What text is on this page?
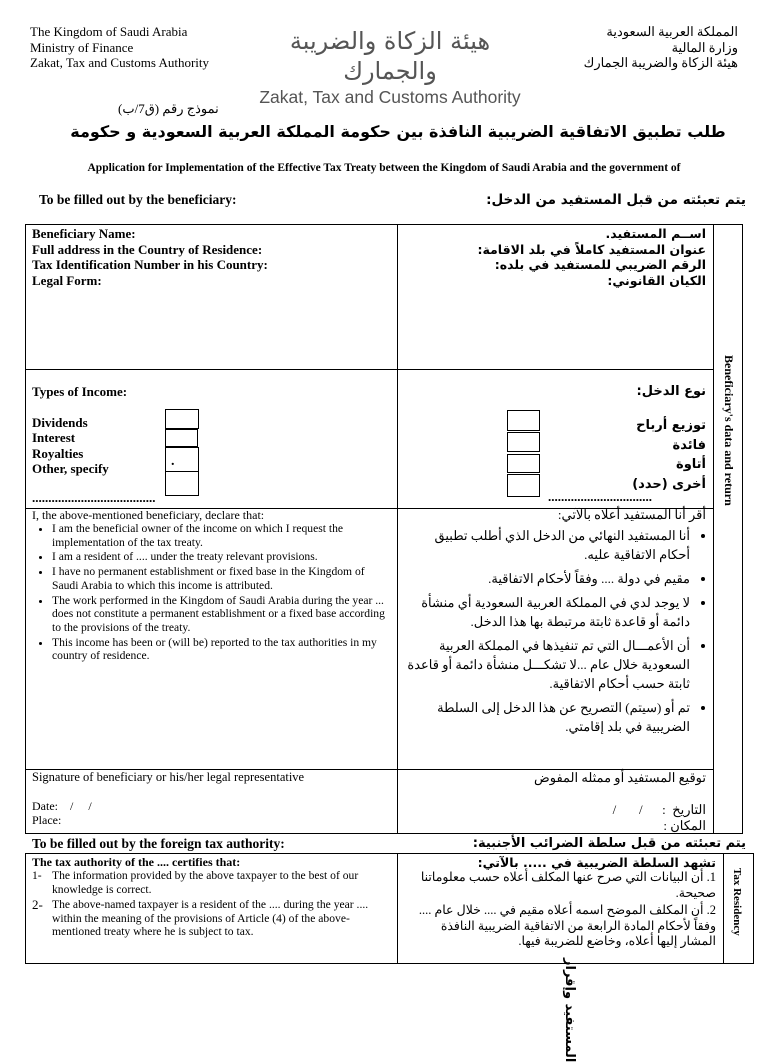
The Kingdom of Saudi Arabia
Ministry of Finance
Zakat, Tax and Customs Authority
هيئة الزكاة والضريبة والجمارك
Zakat, Tax and Customs Authority
المملكة العربية السعودية
وزارة المالية
هيئة الزكاة والضريبة الجمارك
نموذج رقم (ق7/ب)
طلب تطبيق الاتفاقية الضريبية النافذة بين حكومة المملكة العربية السعودية و حكومة
Application for Implementation of the Effective Tax Treaty between the Kingdom of Saudi Arabia and the government of
To be filled out by the beneficiary:	يتم تعبئته من قبل المستفيد من الدخل:
Beneficiary Name:
Full address in the Country of Residence:
Tax Identification Number in his Country:
Legal Form:
اســم المستفيد.
عنوان المستفيد كاملاً في بلد الاقامة:
الرقم الضريبي للمستفيد في بلده:
الكيان القانوني:
Types of Income:
Dividends
Interest
Royalties
Other, specify
......................................
.
نوع الدخل:
توزيع أرباح
فائدة
أتاوة
أخرى (حدد)
................................
I, the above-mentioned beneficiary, declare that:
• I am the beneficial owner of the income on which I request the implementation of the tax treaty.
• I am a resident of .... under the treaty relevant provisions.
• I have no permanent establishment or fixed base in the Kingdom of Saudi Arabia to which this income is attributed.
• The work performed in the Kingdom of Saudi Arabia during the year ... does not constitute a permanent establishment or a fixed base according to the provisions of the treaty.
• This income has been or (will be) reported to the tax authorities in my country of residence.
أقر أنا المستفيد أعلاه بالآتي:
• أنا المستفيد النهائي من الدخل الذي أطلب تطبيق أحكام الاتفاقية عليه.
• مقيم في دولة .... وفقاً لأحكام الاتفاقية.
• لا يوجد لدي في المملكة العربية السعودية أي منشأة دائمة أو قاعدة ثابتة مرتبطة بها هذا الدخل.
• أن الأعمـــال التي تم تنفيذها في المملكة العربية السعودية خلال عام ...لا تشكـــل منشأة دائمة أو قاعدة ثابتة حسب أحكام الاتفاقية.
• تم أو (سيتم) التصريح عن هذا الدخل إلى السلطة الضريبية في بلد إقامتي.
Signature of beneficiary or his/her legal representative
Date:    /     /
Place:
توقيع المستفيد أو ممثله المفوض
التاريخ  :      /       /
المكان :
Beneficiary's data and return
To be filled out by the foreign tax authority:	يتم تعبئته من قبل سلطة الضرائب الأجنبية:
The tax authority of the .... certifies that:
1- The information provided by the above taxpayer to the best of our knowledge is correct.
2- The above-named taxpayer is a resident of the .... during the year .... within the meaning of the provisions of Article (4) of the above-mentioned treaty where he is subject to tax.
تشهد السلطة الضريبية في ..... بالآتي:
1. أن البيانات التي صرح عنها المكلف أعلاه حسب معلوماتنا صحيحة.
2. أن المكلف الموضح اسمه أعلاه مقيم في .... خلال عام .... وفقاً لأحكام المادة الرابعة من الاتفاقية الضريبية النافذة المشار إليها أعلاه، وخاضع للضريبة فيها.
Tax Residency
المستفيد وإقرار
